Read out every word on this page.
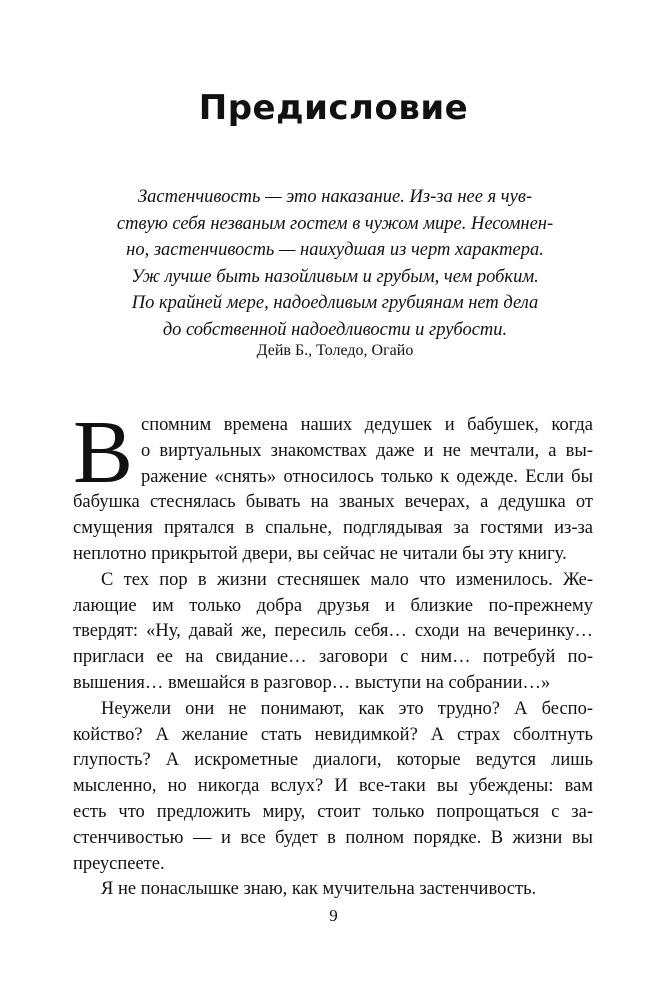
Предисловие
Застенчивость — это наказание. Из-за нее я чув-
ствую себя незваным гостем в чужом мире. Несомнен-
но, застенчивость — наихудшая из черт характера.
Уж лучше быть назойливым и грубым, чем робким.
По крайней мере, надоедливым грубиянам нет дела
до собственной надоедливости и грубости.
Дейв Б., Толедо, Огайо
В спомним времена наших дедушек и бабушек, когда
о виртуальных знакомствах даже и не мечтали, а вы-
ражение «снять» относилось только к одежде. Если бы
бабушка стеснялась бывать на званых вечерах, а дедушка от
смущения прятался в спальне, подглядывая за гостями из-за
неплотно прикрытой двери, вы сейчас не читали бы эту книгу.
С тех пор в жизни стесняшек мало что изменилось. Же-
лающие им только добра друзья и близкие по-прежнему
твердят: «Ну, давай же, пересиль себя… сходи на вечеринку…
пригласи ее на свидание… заговори с ним… потребуй по-
вышения… вмешайся в разговор… выступи на собрании…»
Неужели они не понимают, как это трудно? А беспо-
койство? А желание стать невидимкой? А страх сболтнуть
глупость? А искрометные диалоги, которые ведутся лишь
мысленно, но никогда вслух? И все-таки вы убеждены: вам
есть что предложить миру, стоит только попрощаться с за-
стенчивостью — и все будет в полном порядке. В жизни вы
преуспеете.
Я не понаслышке знаю, как мучительна застенчивость.
9
